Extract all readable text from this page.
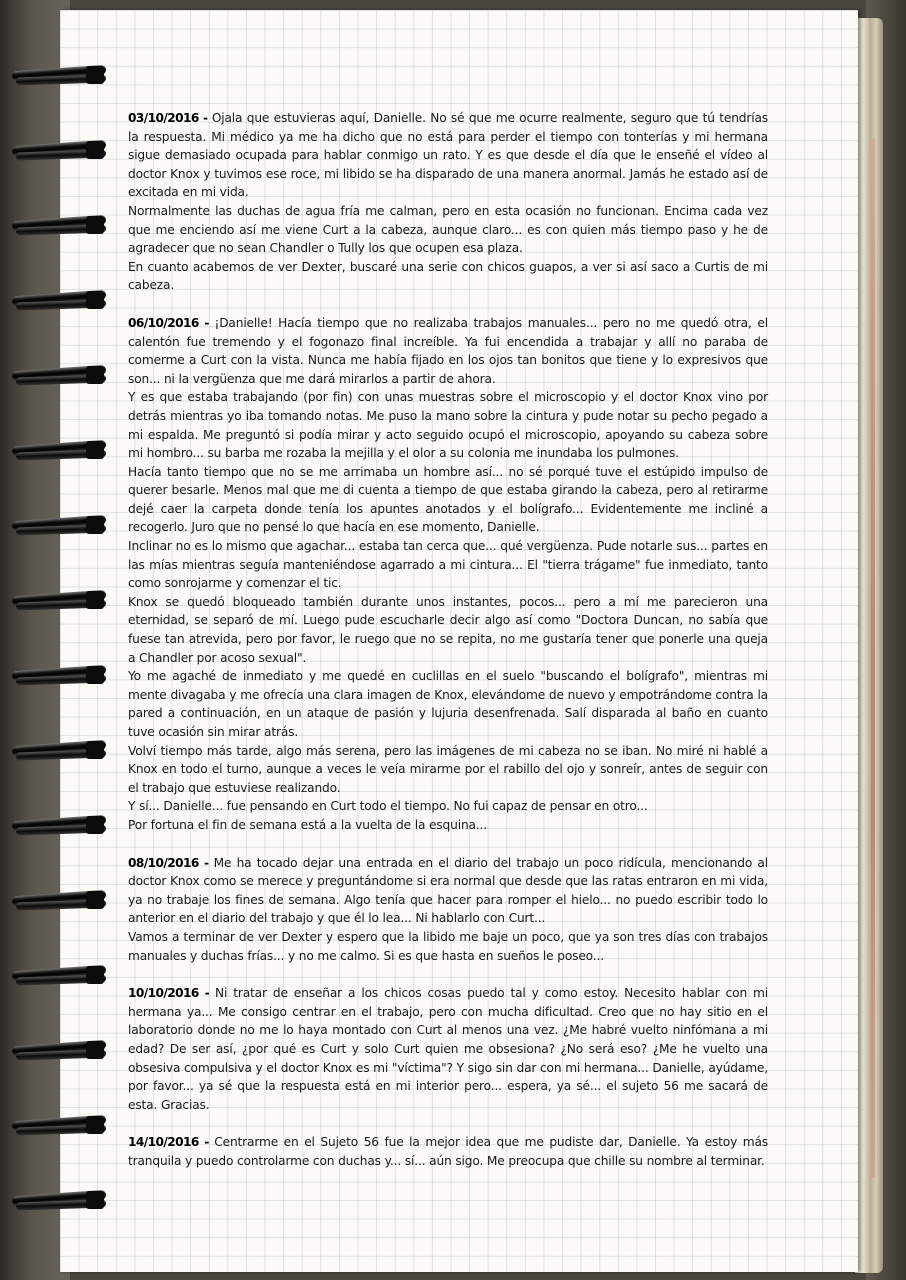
03/10/2016 - Ojala que estuvieras aquí, Danielle. No sé que me ocurre realmente, seguro que tú tendrías la respuesta. Mi médico ya me ha dicho que no está para perder el tiempo con tonterías y mi hermana sigue demasiado ocupada para hablar conmigo un rato. Y es que desde el día que le enseñé el vídeo al doctor Knox y tuvimos ese roce, mi libido se ha disparado de una manera anormal. Jamás he estado así de excitada en mi vida.

Normalmente las duchas de agua fría me calman, pero en esta ocasión no funcionan. Encima cada vez que me enciendo así me viene Curt a la cabeza, aunque claro... es con quien más tiempo paso y he de agradecer que no sean Chandler o Tully los que ocupen esa plaza.

En cuanto acabemos de ver Dexter, buscaré una serie con chicos guapos, a ver si así saco a Curtis de mi cabeza.

06/10/2016 - ¡Danielle! Hacía tiempo que no realizaba trabajos manuales... pero no me quedó otra, el calentón fue tremendo y el fogonazo final increíble. Ya fui encendida a trabajar y allí no paraba de comerme a Curt con la vista. Nunca me había fijado en los ojos tan bonitos que tiene y lo expresivos que son... ni la vergüenza que me dará mirarlos a partir de ahora.

Y es que estaba trabajando (por fin) con unas muestras sobre el microscopio y el doctor Knox vino por detrás mientras yo iba tomando notas. Me puso la mano sobre la cintura y pude notar su pecho pegado a mi espalda. Me preguntó si podía mirar y acto seguido ocupó el microscopio, apoyando su cabeza sobre mi hombro... su barba me rozaba la mejilla y el olor a su colonia me inundaba los pulmones.

Hacía tanto tiempo que no se me arrimaba un hombre así... no sé porqué tuve el estúpido impulso de querer besarle. Menos mal que me di cuenta a tiempo de que estaba girando la cabeza, pero al retirarme dejé caer la carpeta donde tenía los apuntes anotados y el bolígrafo... Evidentemente me incliné a recogerlo. Juro que no pensé lo que hacía en ese momento, Danielle.

Inclinar no es lo mismo que agachar... estaba tan cerca que... qué vergüenza. Pude notarle sus... partes en las mías mientras seguía manteniéndose agarrado a mi cintura... El "tierra trágame" fue inmediato, tanto como sonrojarme y comenzar el tic.

Knox se quedó bloqueado también durante unos instantes, pocos... pero a mí me parecieron una eternidad, se separó de mí. Luego pude escucharle decir algo así como "Doctora Duncan, no sabía que fuese tan atrevida, pero por favor, le ruego que no se repita, no me gustaría tener que ponerle una queja a Chandler por acoso sexual".

Yo me agaché de inmediato y me quedé en cuclillas en el suelo "buscando el bolígrafo", mientras mi mente divagaba y me ofrecía una clara imagen de Knox, elevándome de nuevo y empotrándome contra la pared a continuación, en un ataque de pasión y lujuria desenfrenada. Salí disparada al baño en cuanto tuve ocasión sin mirar atrás.

Volví tiempo más tarde, algo más serena, pero las imágenes de mi cabeza no se iban. No miré ni hablé a Knox en todo el turno, aunque a veces le veía mirarme por el rabillo del ojo y sonreír, antes de seguir con el trabajo que estuviese realizando.

Y sí... Danielle... fue pensando en Curt todo el tiempo. No fui capaz de pensar en otro...

Por fortuna el fin de semana está a la vuelta de la esquina...

08/10/2016 - Me ha tocado dejar una entrada en el diario del trabajo un poco ridícula, mencionando al doctor Knox como se merece y preguntándome si era normal que desde que las ratas entraron en mi vida, ya no trabaje los fines de semana. Algo tenía que hacer para romper el hielo... no puedo escribir todo lo anterior en el diario del trabajo y que él lo lea... Ni hablarlo con Curt...

Vamos a terminar de ver Dexter y espero que la libido me baje un poco, que ya son tres días con trabajos manuales y duchas frías... y no me calmo. Si es que hasta en sueños le poseo...

10/10/2016 - Ni tratar de enseñar a los chicos cosas puedo tal y como estoy. Necesito hablar con mi hermana ya... Me consigo centrar en el trabajo, pero con mucha dificultad. Creo que no hay sitio en el laboratorio donde no me lo haya montado con Curt al menos una vez. ¿Me habré vuelto ninfómana a mi edad? De ser así, ¿por qué es Curt y solo Curt quien me obsesiona? ¿No será eso? ¿Me he vuelto una obsesiva compulsiva y el doctor Knox es mi "víctima"? Y sigo sin dar con mi hermana... Danielle, ayúdame, por favor... ya sé que la respuesta está en mi interior pero... espera, ya sé... el sujeto 56 me sacará de esta. Gracias.

14/10/2016 - Centrarme en el Sujeto 56 fue la mejor idea que me pudiste dar, Danielle. Ya estoy más tranquila y puedo controlarme con duchas y... sí... aún sigo. Me preocupa que chille su nombre al terminar.
